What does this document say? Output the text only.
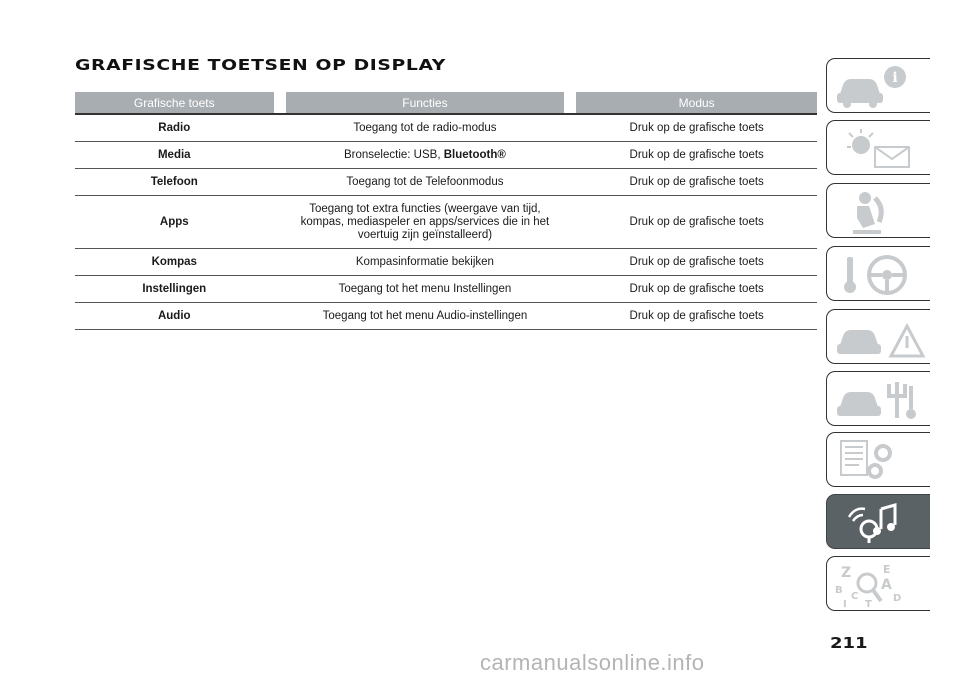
GRAFISCHE TOETSEN OP DISPLAY
Grafische toets		Functies		Modus
Radio		Toegang tot de radio-modus		Druk op de grafische toets
Media		Bronselectie: USB, Bluetooth®		Druk op de grafische toets
Telefoon		Toegang tot de Telefoonmodus		Druk op de grafische toets
Apps		Toegang tot extra functies (weergave van tijd,
kompas, mediaspeler en apps/services die in het
voertuig zijn geïnstalleerd)		Druk op de grafische toets
Kompas		Kompasinformatie bekijken		Druk op de grafische toets
Instellingen		Toegang tot het menu Instellingen		Druk op de grafische toets
Audio		Toegang tot het menu Audio-instellingen		Druk op de grafische toets
i
Z	E
A
B
C	D
I T

211

carmanualsonline.info
